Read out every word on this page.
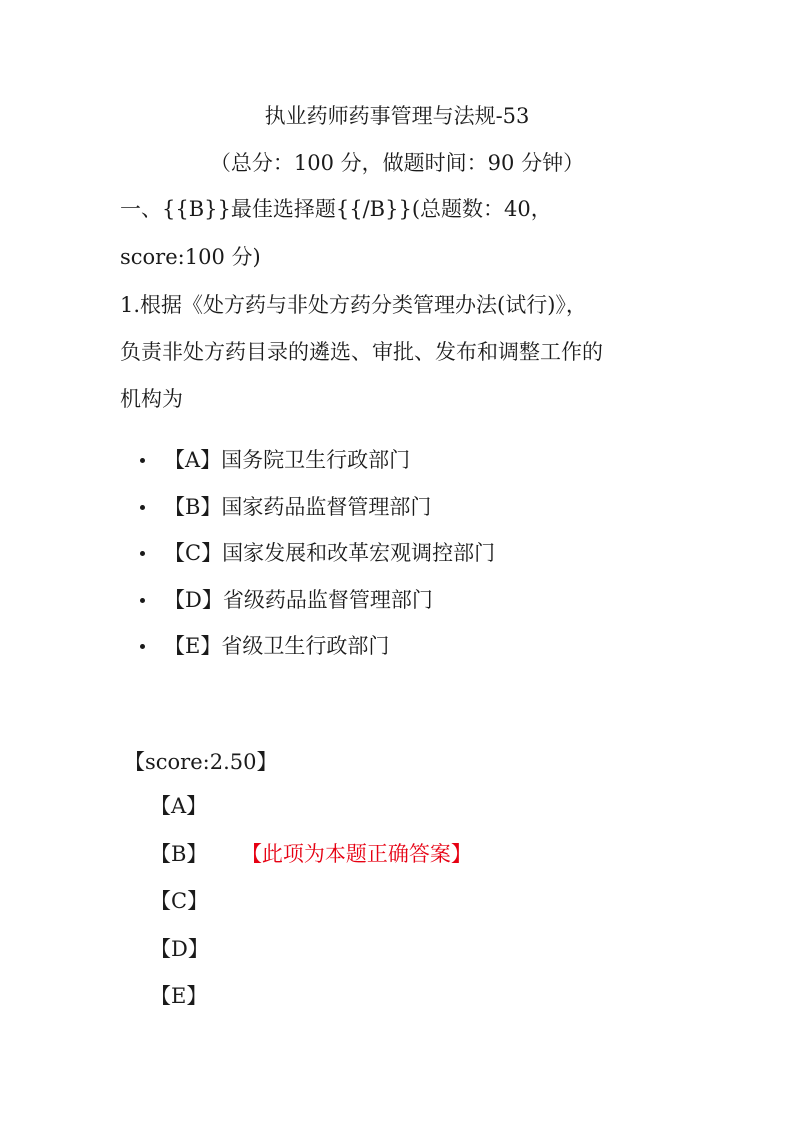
执业药师药事管理与法规-53
（总分：100 分，做题时间：90 分钟）
一、{{B}}最佳选择题{{/B}}(总题数：40，
score:100 分)
1.根据《处方药与非处方药分类管理办法(试行)》，
负责非处方药目录的遴选、审批、发布和调整工作的
机构为
【A】国务院卫生行政部门
【B】国家药品监督管理部门
【C】国家发展和改革宏观调控部门
【D】省级药品监督管理部门
【E】省级卫生行政部门
【score:2.50】
【A】
【B】 【此项为本题正确答案】
【C】
【D】
【E】
